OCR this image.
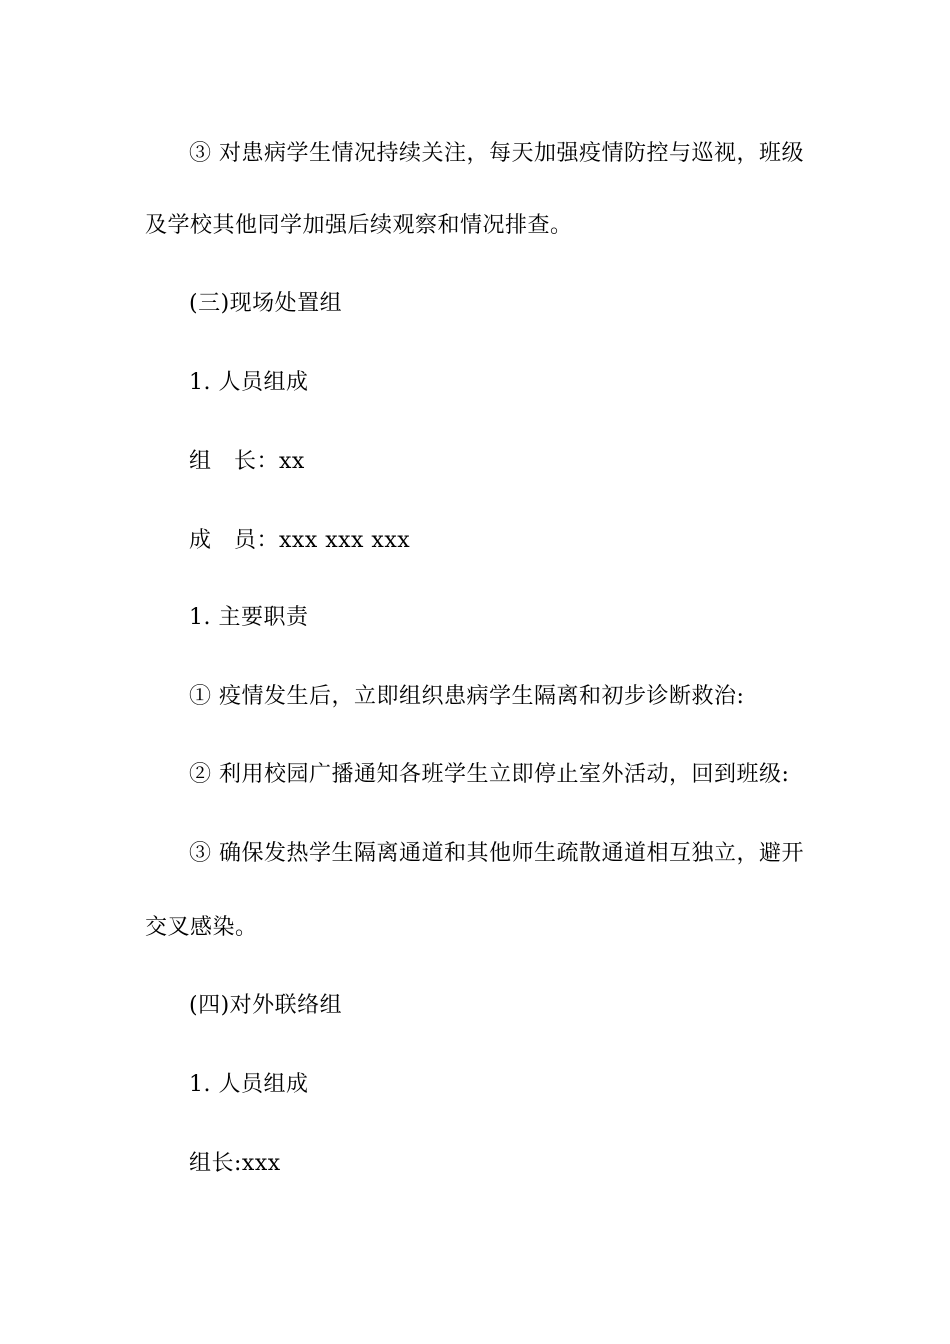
③ 对患病学生情况持续关注，每天加强疫情防控与巡视，班级
及学校其他同学加强后续观察和情况排查。
(三)现场处置组
1. 人员组成
组　长：xx
成　员：xxx xxx xxx
1. 主要职责
① 疫情发生后，立即组织患病学生隔离和初步诊断救治:
② 利用校园广播通知各班学生立即停止室外活动，回到班级:
③ 确保发热学生隔离通道和其他师生疏散通道相互独立，避开
交叉感染。
(四)对外联络组
1. 人员组成
组长:xxx
